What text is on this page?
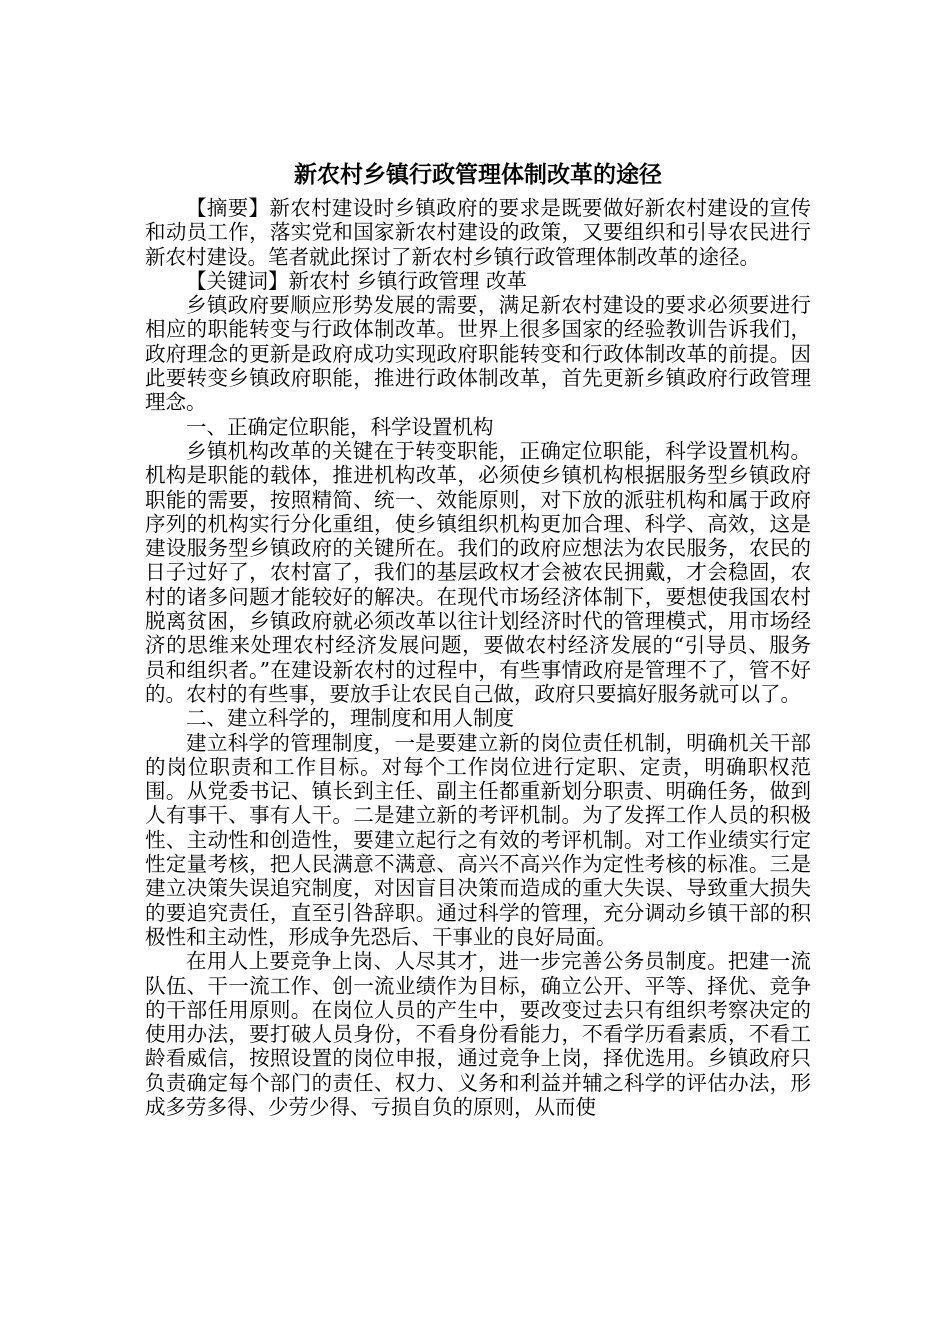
新农村乡镇行政管理体制改革的途径

【摘要】新农村建设时乡镇政府的要求是既要做好新农村建设的宣传和动员工作，落实党和国家新农村建设的政策，又要组织和引导农民进行新农村建设。笔者就此探讨了新农村乡镇行政管理体制改革的途径。

【关键词】新农村 乡镇行政管理 改革

乡镇政府要顺应形势发展的需要，满足新农村建设的要求必须要进行相应的职能转变与行政体制改革。世界上很多国家的经验教训告诉我们，政府理念的更新是政府成功实现政府职能转变和行政体制改革的前提。因此要转变乡镇政府职能，推进行政体制改革，首先更新乡镇政府行政管理理念。

一、正确定位职能，科学设置机构

乡镇机构改革的关键在于转变职能，正确定位职能，科学设置机构。机构是职能的载体，推进机构改革，必须使乡镇机构根据服务型乡镇政府职能的需要，按照精简、统一、效能原则，对下放的派驻机构和属于政府序列的机构实行分化重组，使乡镇组织机构更加合理、科学、高效，这是建设服务型乡镇政府的关键所在。我们的政府应想法为农民服务，农民的日子过好了，农村富了，我们的基层政权才会被农民拥戴，才会稳固，农村的诸多问题才能较好的解决。在现代市场经济体制下，要想使我国农村脱离贫困，乡镇政府就必须改革以往计划经济时代的管理模式，用市场经济的思维来处理农村经济发展问题，要做农村经济发展的“引导员、服务员和组织者。”在建设新农村的过程中，有些事情政府是管理不了，管不好的。农村的有些事，要放手让农民自己做，政府只要搞好服务就可以了。

二、建立科学的，理制度和用人制度

建立科学的管理制度，一是要建立新的岗位责任机制，明确机关干部的岗位职责和工作目标。对每个工作岗位进行定职、定责，明确职权范围。从党委书记、镇长到主任、副主任都重新划分职责、明确任务，做到人有事干、事有人干。二是建立新的考评机制。为了发挥工作人员的积极性、主动性和创造性，要建立起行之有效的考评机制。对工作业绩实行定性定量考核，把人民满意不满意、高兴不高兴作为定性考核的标准。三是建立决策失误追究制度，对因盲目决策而造成的重大失误、导致重大损失的要追究责任，直至引咎辞职。通过科学的管理，充分调动乡镇干部的积极性和主动性，形成争先恐后、干事业的良好局面。

在用人上要竞争上岗、人尽其才，进一步完善公务员制度。把建一流队伍、干一流工作、创一流业绩作为目标，确立公开、平等、择优、竞争的干部任用原则。在岗位人员的产生中，要改变过去只有组织考察决定的使用办法，要打破人员身份，不看身份看能力，不看学历看素质，不看工龄看威信，按照设置的岗位申报，通过竞争上岗，择优选用。乡镇政府只负责确定每个部门的责任、权力、义务和利益并辅之科学的评估办法，形成多劳多得、少劳少得、亏损自负的原则，从而使
